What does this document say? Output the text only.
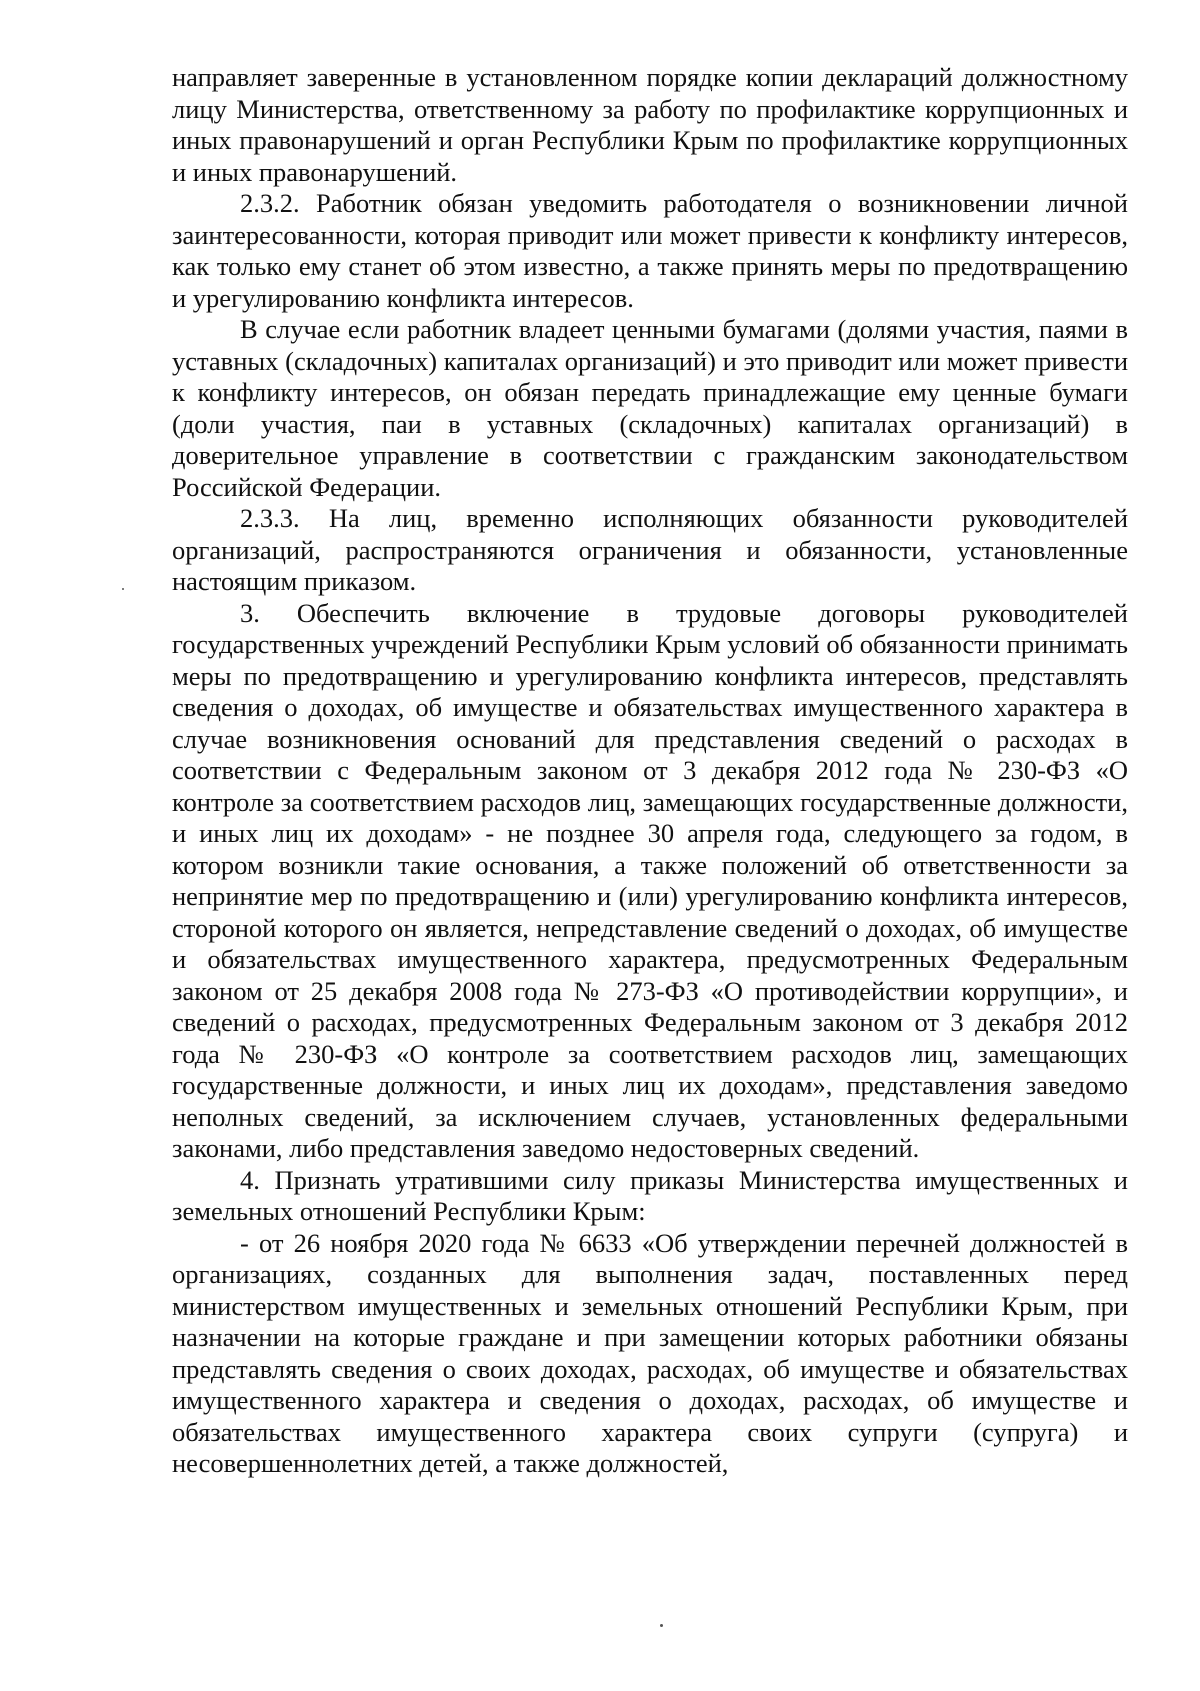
направляет заверенные в установленном порядке копии деклараций должностному лицу Министерства, ответственному за работу по профилактике коррупционных и иных правонарушений и орган Республики Крым по профилактике коррупционных и иных правонарушений.

2.3.2. Работник обязан уведомить работодателя о возникновении личной заинтересованности, которая приводит или может привести к конфликту интересов, как только ему станет об этом известно, а также принять меры по предотвращению и урегулированию конфликта интересов.

В случае если работник владеет ценными бумагами (долями участия, паями в уставных (складочных) капиталах организаций) и это приводит или может привести к конфликту интересов, он обязан передать принадлежащие ему ценные бумаги (доли участия, паи в уставных (складочных) капиталах организаций) в доверительное управление в соответствии с гражданским законодательством Российской Федерации.

2.3.3. На лиц, временно исполняющих обязанности руководителей организаций, распространяются ограничения и обязанности, установленные настоящим приказом.

3. Обеспечить включение в трудовые договоры руководителей государственных учреждений Республики Крым условий об обязанности принимать меры по предотвращению и урегулированию конфликта интересов, представлять сведения о доходах, об имуществе и обязательствах имущественного характера в случае возникновения оснований для представления сведений о расходах в соответствии с Федеральным законом от 3 декабря 2012 года № 230-ФЗ «О контроле за соответствием расходов лиц, замещающих государственные должности, и иных лиц их доходам» - не позднее 30 апреля года, следующего за годом, в котором возникли такие основания, а также положений об ответственности за непринятие мер по предотвращению и (или) урегулированию конфликта интересов, стороной которого он является, непредставление сведений о доходах, об имуществе и обязательствах имущественного характера, предусмотренных Федеральным законом от 25 декабря 2008 года № 273-ФЗ «О противодействии коррупции», и сведений о расходах, предусмотренных Федеральным законом от 3 декабря 2012 года № 230-ФЗ «О контроле за соответствием расходов лиц, замещающих государственные должности, и иных лиц их доходам», представления заведомо неполных сведений, за исключением случаев, установленных федеральными законами, либо представления заведомо недостоверных сведений.

4. Признать утратившими силу приказы Министерства имущественных и земельных отношений Республики Крым:

- от 26 ноября 2020 года № 6633 «Об утверждении перечней должностей в организациях, созданных для выполнения задач, поставленных перед министерством имущественных и земельных отношений Республики Крым, при назначении на которые граждане и при замещении которых работники обязаны представлять сведения о своих доходах, расходах, об имуществе и обязательствах имущественного характера и сведения о доходах, расходах, об имуществе и обязательствах имущественного характера своих супруги (супруга) и несовершеннолетних детей, а также должностей,
